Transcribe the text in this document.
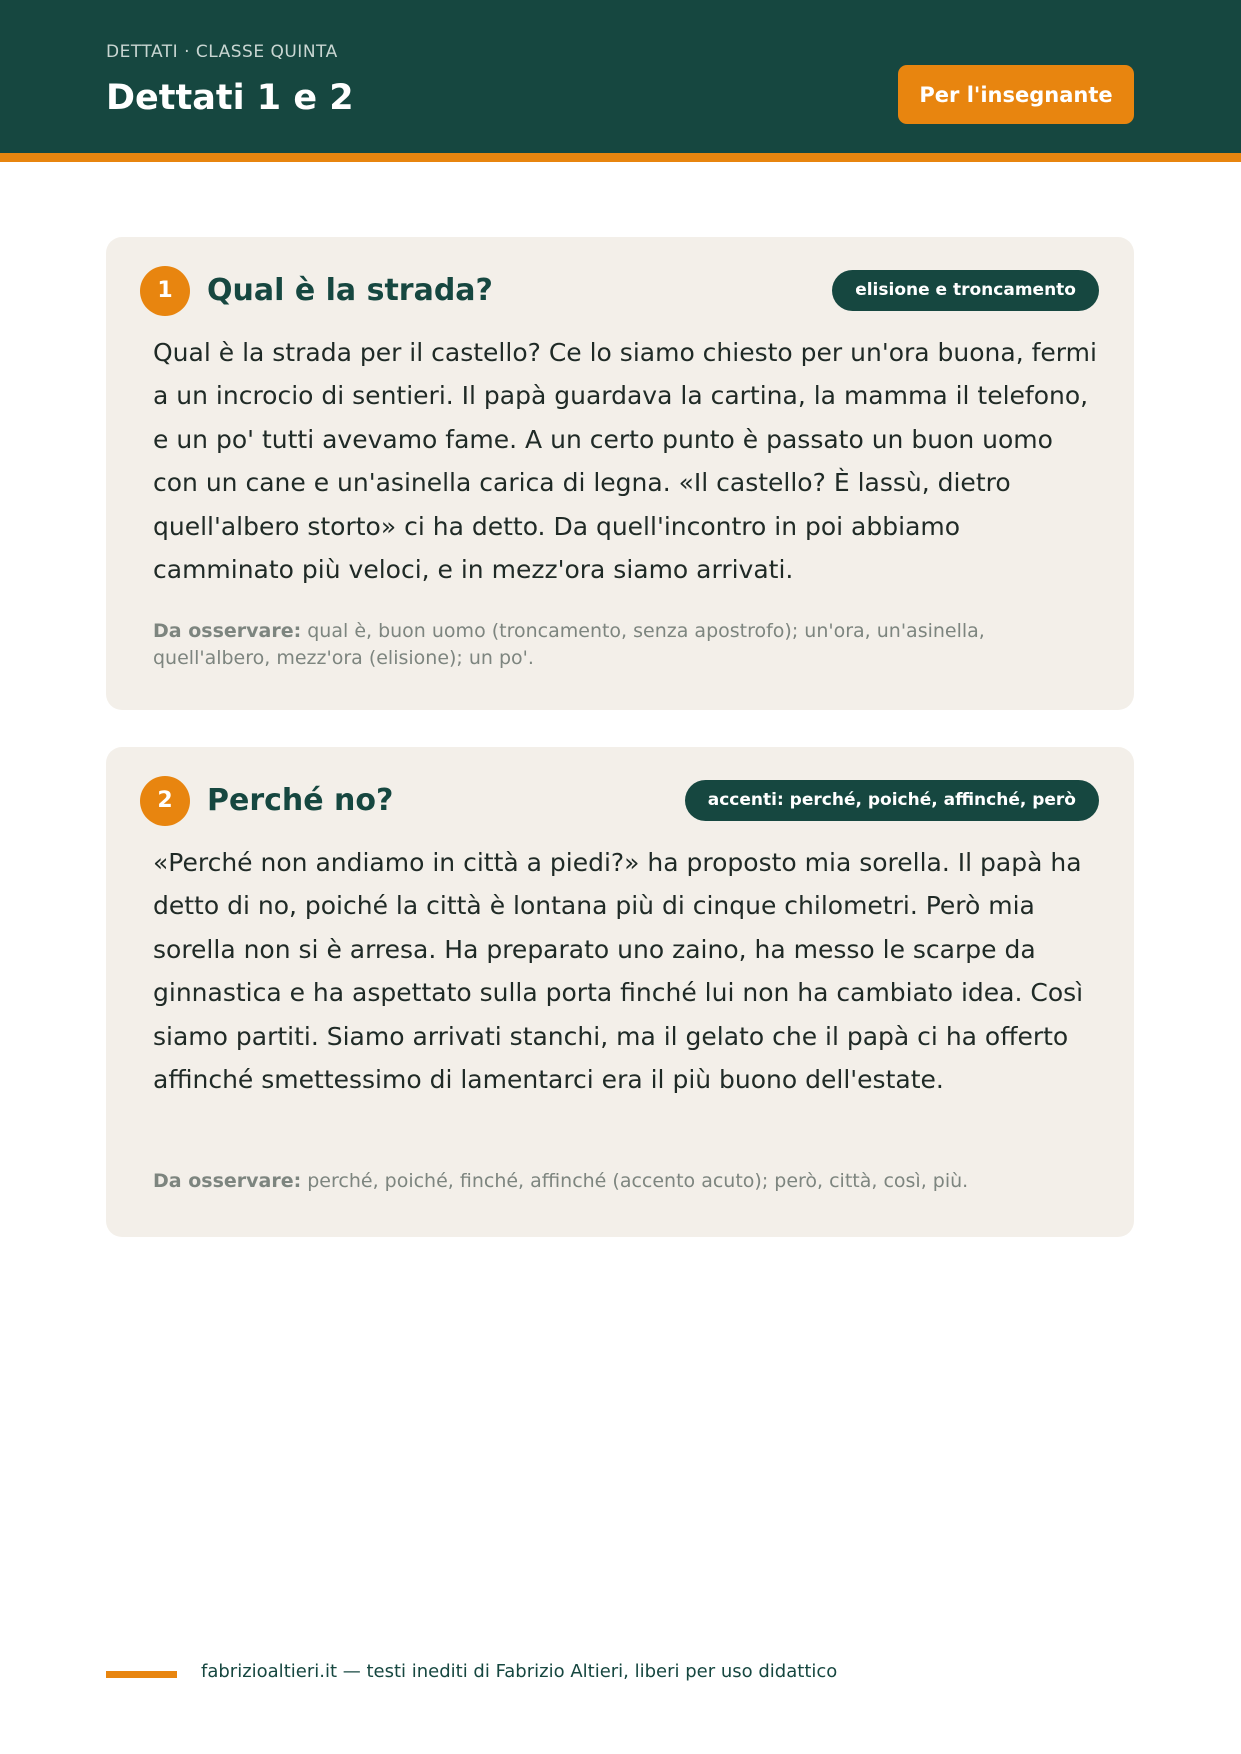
DETTATI · CLASSE QUINTA
Dettati 1 e 2	Per l'insegnante
1	Qual è la strada?	elisione e troncamento

Qual è la strada per il castello? Ce lo siamo chiesto per un'ora buona, fermi a un incrocio di sentieri. Il papà guardava la cartina, la mamma il telefono, e un po' tutti avevamo fame. A un certo punto è passato un buon uomo con un cane e un'asinella carica di legna. «Il castello? È lassù, dietro quell'albero storto» ci ha detto. Da quell'incontro in poi abbiamo camminato più veloci, e in mezz'ora siamo arrivati.

Da osservare: qual è, buon uomo (troncamento, senza apostrofo); un'ora, un'asinella, quell'albero, mezz'ora (elisione); un po'.

2	Perché no?	accenti: perché, poiché, affinché, però

«Perché non andiamo in città a piedi?» ha proposto mia sorella. Il papà ha detto di no, poiché la città è lontana più di cinque chilometri. Però mia sorella non si è arresa. Ha preparato uno zaino, ha messo le scarpe da ginnastica e ha aspettato sulla porta finché lui non ha cambiato idea. Così siamo partiti. Siamo arrivati stanchi, ma il gelato che il papà ci ha offerto affinché smettessimo di lamentarci era il più buono dell'estate.

Da osservare: perché, poiché, finché, affinché (accento acuto); però, città, così, più.

fabrizioaltieri.it — testi inediti di Fabrizio Altieri, liberi per uso didattico
